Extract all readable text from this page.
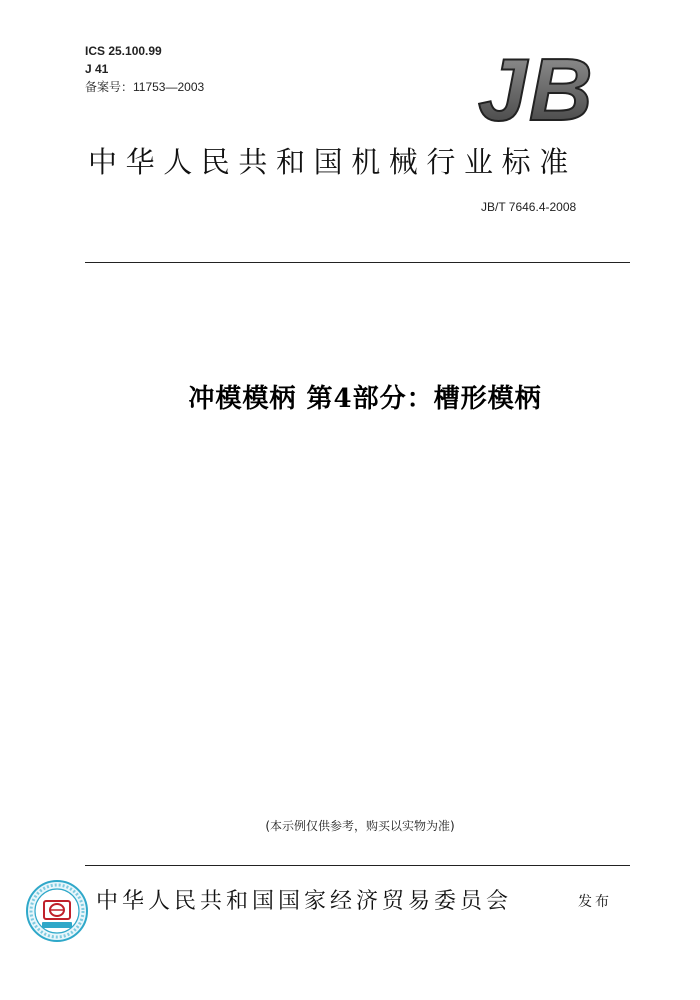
ICS 25.100.99
J 41
备案号：11753—2003	JB
中华人民共和国机械行业标准
JB/T 7646.4-2008
冲模模柄 第4部分：槽形模柄
(本示例仅供参考，购买以实物为准)
中华人民共和国国家经济贸易委员会	发布
